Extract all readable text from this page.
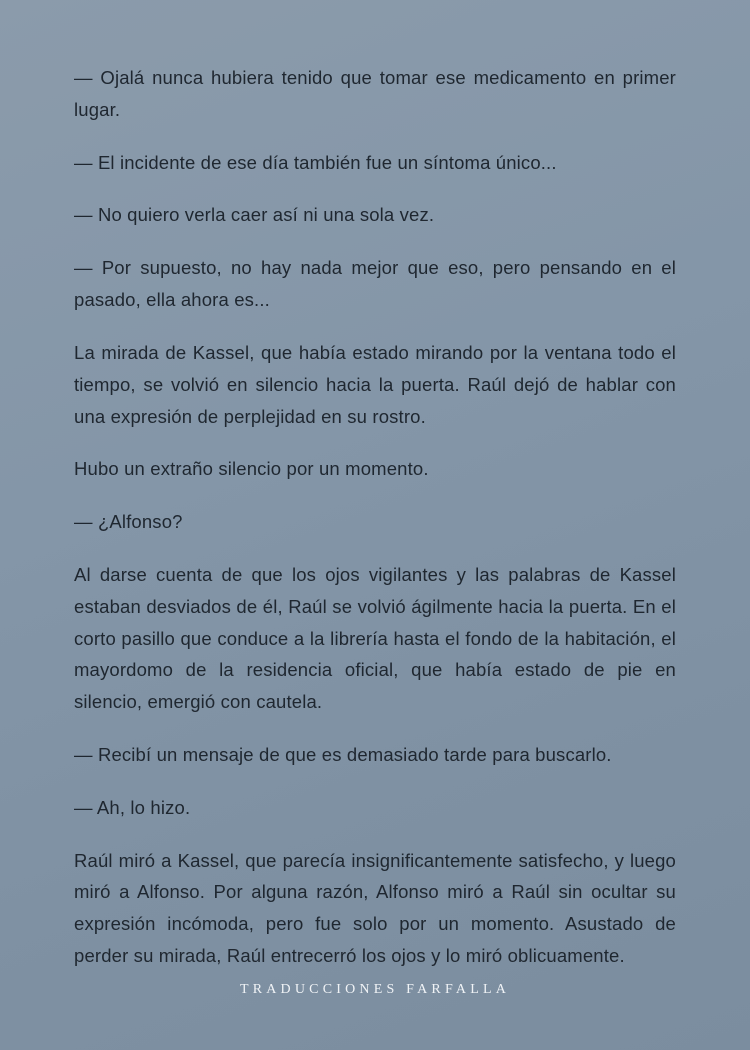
— Ojalá nunca hubiera tenido que tomar ese medicamento en primer lugar.

— El incidente de ese día también fue un síntoma único...

— No quiero verla caer así ni una sola vez.

— Por supuesto, no hay nada mejor que eso, pero pensando en el pasado, ella ahora es...

La mirada de Kassel, que había estado mirando por la ventana todo el tiempo, se volvió en silencio hacia la puerta. Raúl dejó de hablar con una expresión de perplejidad en su rostro.

Hubo un extraño silencio por un momento.

— ¿Alfonso?

Al darse cuenta de que los ojos vigilantes y las palabras de Kassel estaban desviados de él, Raúl se volvió ágilmente hacia la puerta. En el corto pasillo que conduce a la librería hasta el fondo de la habitación, el mayordomo de la residencia oficial, que había estado de pie en silencio, emergió con cautela.

— Recibí un mensaje de que es demasiado tarde para buscarlo.

— Ah, lo hizo.

Raúl miró a Kassel, que parecía insignificantemente satisfecho, y luego miró a Alfonso. Por alguna razón, Alfonso miró a Raúl sin ocultar su expresión incómoda, pero fue solo por un momento. Asustado de perder su mirada, Raúl entrecerró los ojos y lo miró oblicuamente.

TRADUCCIONES FARFALLA
